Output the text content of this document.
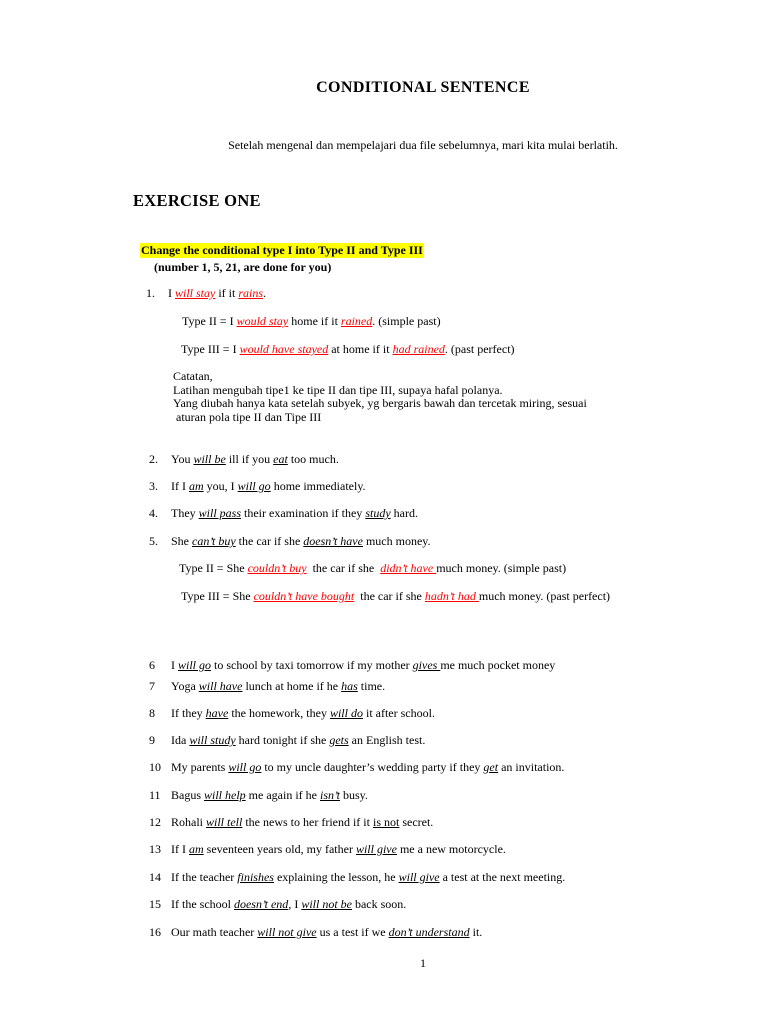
CONDITIONAL SENTENCE
Setelah mengenal dan mempelajari dua file sebelumnya, mari kita mulai berlatih.
EXERCISE ONE
Change the conditional type I into Type II and Type III
(number 1, 5, 21, are done for you)
1. I will stay if it rains.
Type II = I would stay home if it rained. (simple past)
Type III = I would have stayed at home if it had rained. (past perfect)
Catatan,
Latihan mengubah tipe1 ke tipe II dan tipe III, supaya hafal polanya.
Yang diubah hanya kata setelah subyek, yg bergaris bawah dan tercetak miring, sesuai
aturan pola tipe II dan Tipe III
2. You will be ill if you eat too much.
3. If I am you, I will go home immediately.
4. They will pass their examination if they study hard.
5. She can’t buy the car if she doesn’t have much money.
Type II = She couldn’t buy  the car if she  didn’t have much money. (simple past)
Type III = She couldn’t have bought  the car if she hadn’t had much money. (past perfect)
6 I will go to school by taxi tomorrow if my mother gives me much pocket money
7 Yoga will have lunch at home if he has time.
8 If they have the homework, they will do it after school.
9 Ida will study hard tonight if she gets an English test.
10 My parents will go to my uncle daughter’s wedding party if they get an invitation.
11 Bagus will help me again if he isn’t busy.
12 Rohali will tell the news to her friend if it is not secret.
13 If I am seventeen years old, my father will give me a new motorcycle.
14 If the teacher finishes explaining the lesson, he will give a test at the next meeting.
15 If the school doesn’t end, I will not be back soon.
16 Our math teacher will not give us a test if we don’t understand it.
1
